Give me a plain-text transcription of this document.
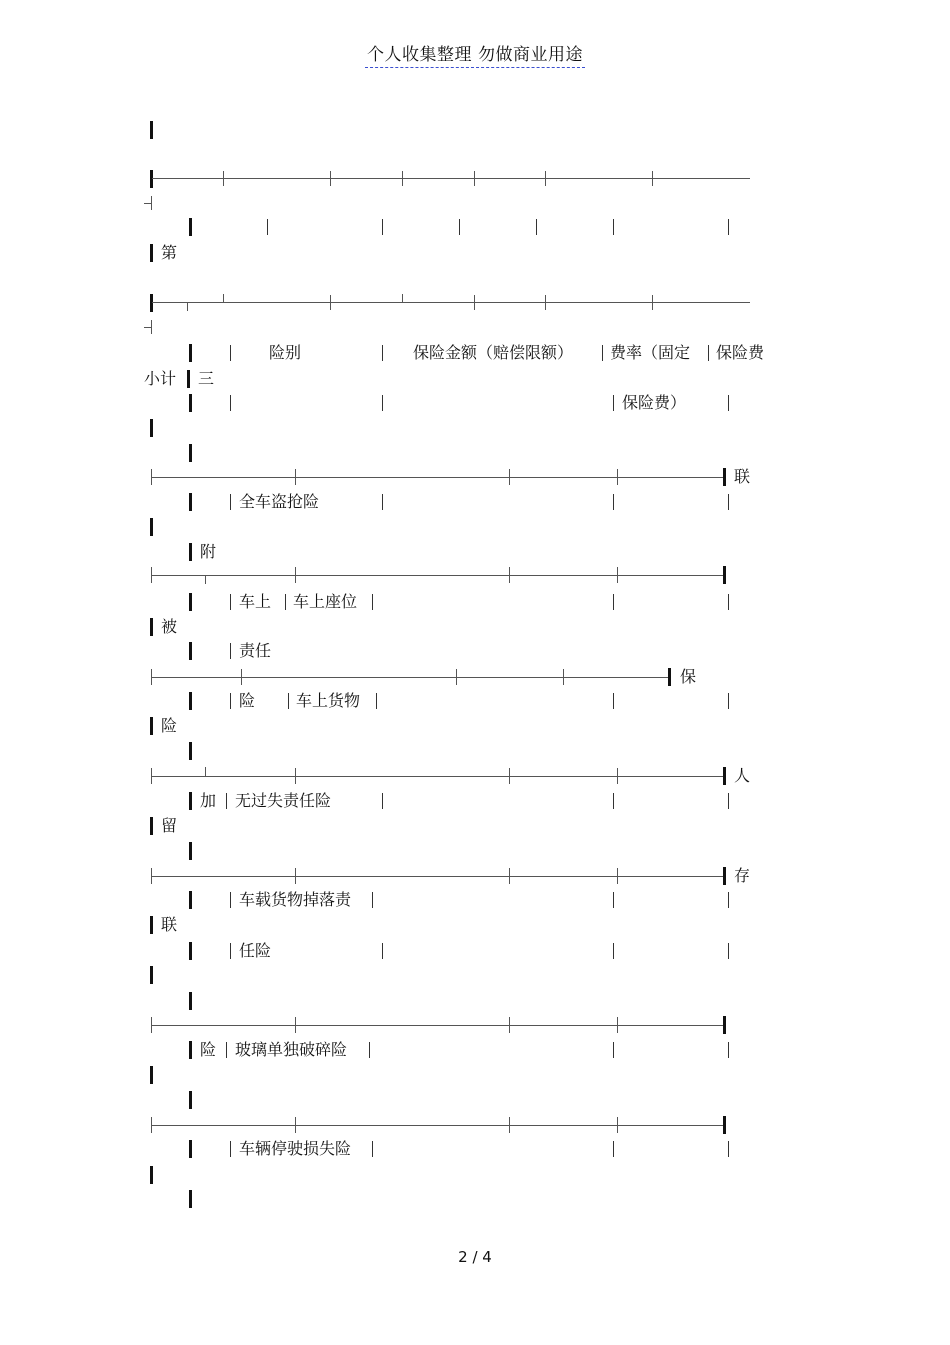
个人收集整理 勿做商业用途
第
险别	保险金额（赔偿限额） 费率（固定 保险费
小计 三
保险费）
联
全车盗抢险
附
车上 车上座位
被
责任
保
险	车上货物
险
人
加 无过失责任险
留
存
车载货物掉落责
联
任险
险 玻璃单独破碎险
车辆停驶损失险
2 / 4
